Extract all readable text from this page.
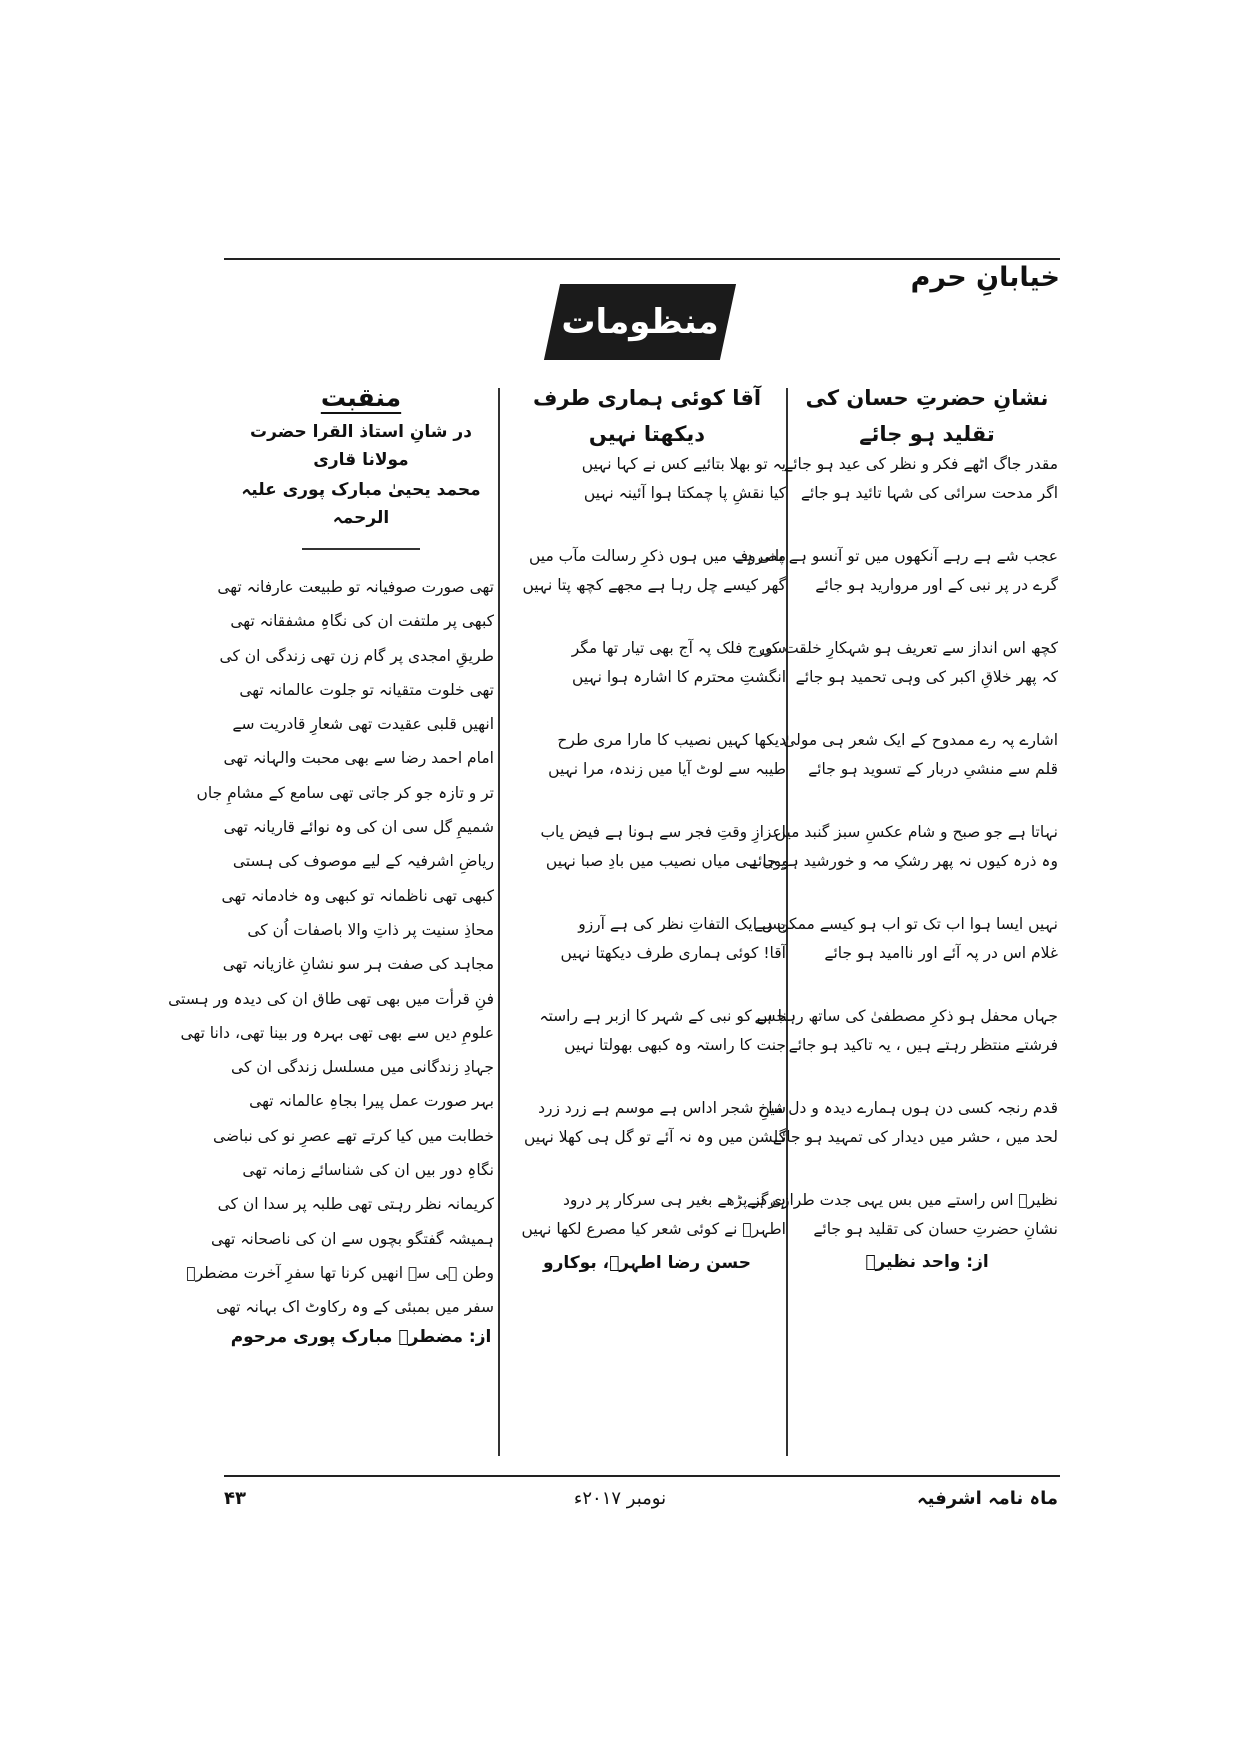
خیابانِ حرم
منظومات
نشانِ حضرتِ حسان کی تقلید ہو جائے
مقدر جاگ اٹھے فکر و نظر کی عید ہو جائے
اگر مدحت سرائی کی شہا تائید ہو جائے
عجب شے ہے رہے آنکھوں میں تو آنسو ہے پانی ہے
گرے در پر نبی کے اور مروارید ہو جائے
کچھ اس انداز سے تعریف ہو شہکارِ خلقت کی
کہ پھر خلاقِ اکبر کی وہی تحمید ہو جائے
اشارے پہ رے ممدوح کے ایک شعر ہی مولیٰ
قلم سے منشیِ دربار کے تسوید ہو جائے
نہاتا ہے جو صبح و شام عکسِ سبز گنبد میں
وہ ذرہ کیوں نہ پھر رشکِ مہ و خورشید ہو جائے
نہیں ایسا ہوا اب تک تو اب ہو کیسے ممکن ہے
غلام اس در پہ آئے اور ناامید ہو جائے
جہاں محفل ہو ذکرِ مصطفیٰ کی ساتھ رہنا ہے
فرشتے منتظر رہتے ہیں ، یہ تاکید ہو جائے
قدم رنجہ کسی دن ہوں ہمارے دیدہ و دل میں
لحد میں ، حشر میں دیدار کی تمہید ہو جائے
نظیرؔ اس راستے میں بس یہی جدت طرازی ہے
نشانِ حضرتِ حسان کی تقلید ہو جائے
از: واحد نظیرؔ
آقا کوئی ہماری طرف دیکھتا نہیں
یہ تو بھلا بتائیے کس نے کہا نہیں
کیا نقشِ پا چمکتا ہوا آئینہ نہیں
مصروف میں ہوں ذکرِ رسالت مآب میں
گھر کیسے چل رہا ہے مجھے کچھ پتا نہیں
سورج فلک پہ آج بھی تیار تھا مگر
انگشتِ محترم کا اشارہ ہوا نہیں
دیکھا کہیں نصیب کا مارا مری طرح
طیبہ سے لوٹ آیا میں زندہ، مرا نہیں
اعزازِ وقتِ فجر سے ہونا ہے فیض یاب
یوں ہی میاں نصیب میں بادِ صبا نہیں
بس ایک التفاتِ نظر کی ہے آرزو
آقا! کوئی ہماری طرف دیکھتا نہیں
جس کو نبی کے شہر کا ازبر ہے راستہ
جنت کا راستہ وہ کبھی بھولتا نہیں
شاخِ شجر اداس ہے موسم ہے زرد زرد
گلشن میں وہ نہ آئے تو گل ہی کھلا نہیں
ہرگز پڑھے بغیر ہی سرکار پر درود
اطہرؔ نے کوئی شعر کیا مصرع لکھا نہیں
حسن رضا اطہرؔ، بوکارو
منقبت
در شانِ استاذ القرا حضرت مولانا قاری
محمد یحییٰ مبارک پوری علیہ الرحمہ
تھی صورت صوفیانہ تو طبیعت عارفانہ تھی
کبھی پر ملتفت ان کی نگاہِ مشفقانہ تھی
طریقِ امجدی پر گام زن تھی زندگی ان کی
تھی خلوت متقیانہ تو جلوت عالمانہ تھی
انھیں قلبی عقیدت تھی شعارِ قادریت سے
امام احمد رضا سے بھی محبت والہانہ تھی
تر و تازہ جو کر جاتی تھی سامع کے مشامِ جاں
شمیمِ گل سی ان کی وہ نوائے قاریانہ تھی
ریاضِ اشرفیہ کے لیے موصوف کی ہستی
کبھی تھی ناظمانہ تو کبھی وہ خادمانہ تھی
محاذِ سنیت پر ذاتِ والا باصفات اُن کی
مجاہد کی صفت ہر سو نشانِ غازیانہ تھی
فنِ قرأت میں بھی تھی طاق ان کی دیدہ ور ہستی
علومِ دیں سے بھی تھی بہرہ ور بینا تھی، دانا تھی
جہادِ زندگانی میں مسلسل زندگی ان کی
بہر صورت عمل پیرا بجاہِ عالمانہ تھی
خطابت میں کیا کرتے تھے عصرِ نو کی نباضی
نگاہِ دور بیں ان کی شناسائے زمانہ تھی
کریمانہ نظر رہتی تھی طلبہ پر سدا ان کی
ہمیشہ گفتگو بچوں سے ان کی ناصحانہ تھی
وطن ہی سے انھیں کرنا تھا سفرِ آخرت مضطرؔ
سفر میں بمبئی کے وہ رکاوٹ اک بہانہ تھی
از: مضطرؔ مبارک پوری مرحوم
ماہ نامہ اشرفیہ
نومبر ۲۰۱۷ء
۴۳
